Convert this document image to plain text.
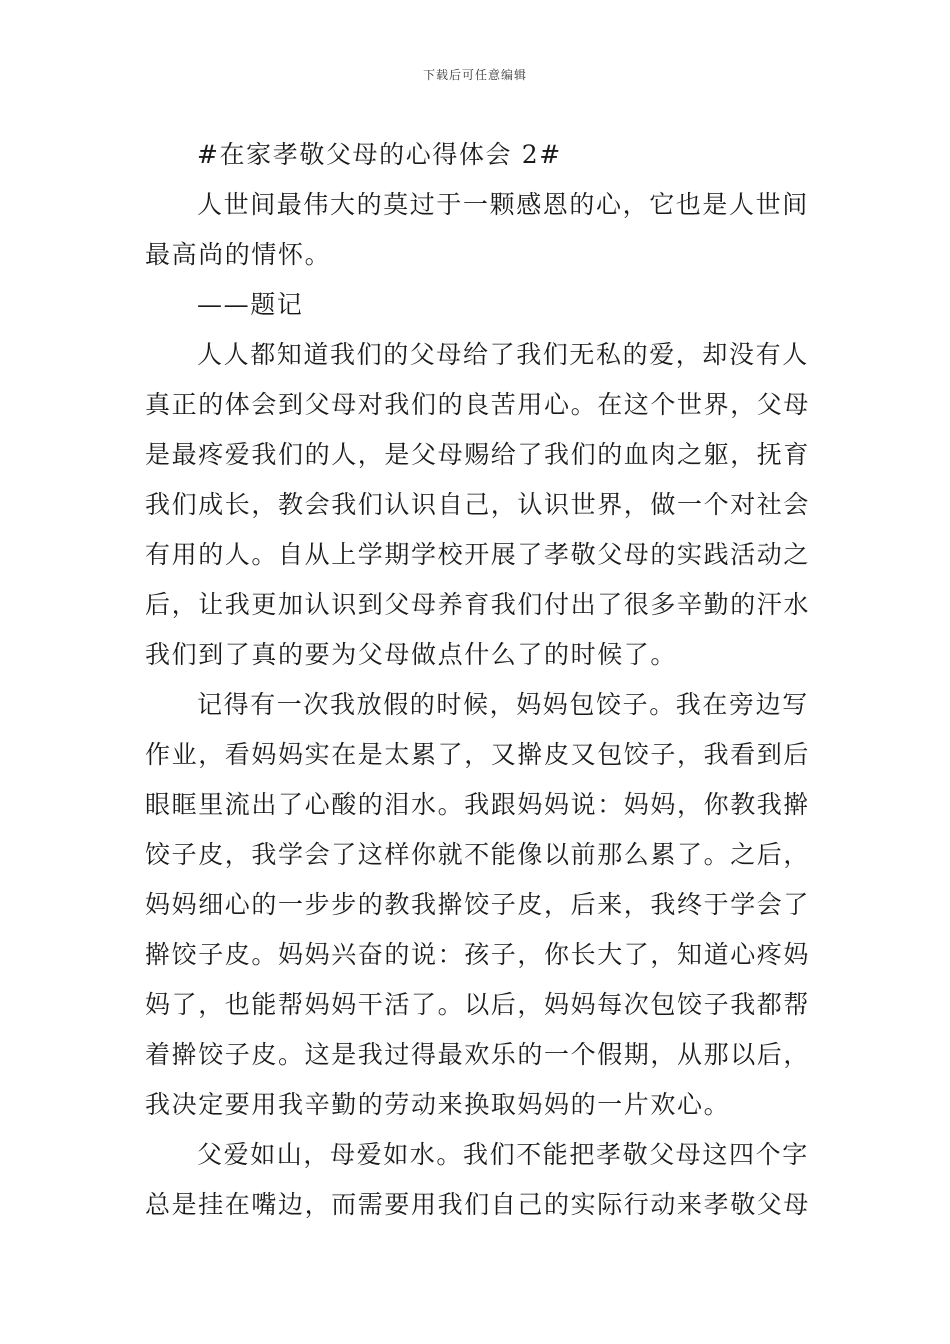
下载后可任意编辑
#在家孝敬父母的心得体会 2#
人世间最伟大的莫过于一颗感恩的心，它也是人世间
最高尚的情怀。
——题记
人人都知道我们的父母给了我们无私的爱，却没有人
真正的体会到父母对我们的良苦用心。在这个世界，父母
是最疼爱我们的人，是父母赐给了我们的血肉之躯，抚育
我们成长，教会我们认识自己，认识世界，做一个对社会
有用的人。自从上学期学校开展了孝敬父母的实践活动之
后，让我更加认识到父母养育我们付出了很多辛勤的汗水
我们到了真的要为父母做点什么了的时候了。
记得有一次我放假的时候，妈妈包饺子。我在旁边写
作业，看妈妈实在是太累了，又擀皮又包饺子，我看到后
眼眶里流出了心酸的泪水。我跟妈妈说：妈妈，你教我擀
饺子皮，我学会了这样你就不能像以前那么累了。之后，
妈妈细心的一步步的教我擀饺子皮，后来，我终于学会了
擀饺子皮。妈妈兴奋的说：孩子，你长大了，知道心疼妈
妈了，也能帮妈妈干活了。以后，妈妈每次包饺子我都帮
着擀饺子皮。这是我过得最欢乐的一个假期，从那以后，
我决定要用我辛勤的劳动来换取妈妈的一片欢心。
父爱如山，母爱如水。我们不能把孝敬父母这四个字
总是挂在嘴边，而需要用我们自己的实际行动来孝敬父母
